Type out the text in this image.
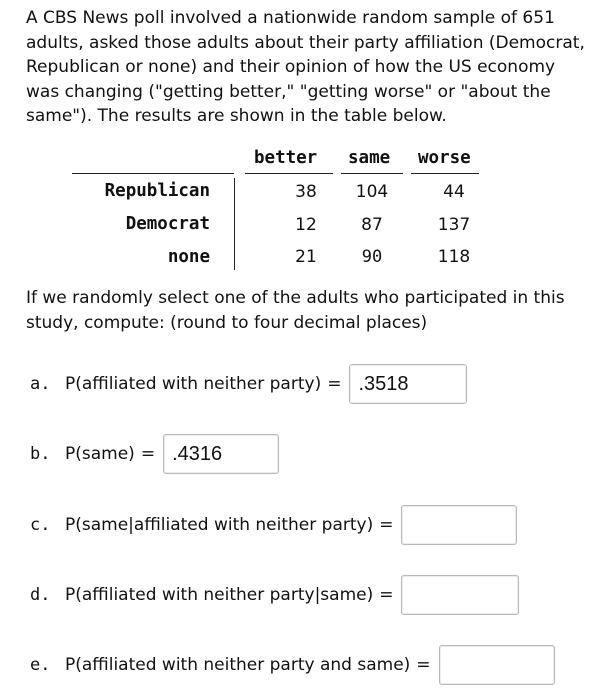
A CBS News poll involved a nationwide random sample of 651 adults, asked those adults about their party affiliation (Democrat, Republican or none) and their opinion of how the US economy was changing ("getting better," "getting worse" or "about the same"). The results are shown in the table below.

better same worse
Republican	38	104	44
Democrat	12	87	137
none	21	90	118

If we randomly select one of the adults who participated in this study, compute: (round to four decimal places)

a. P(affiliated with neither party) = .3518
b. P(same) = .4316
c. P(same|affiliated with neither party) =
d. P(affiliated with neither party|same) =
e. P(affiliated with neither party and same) =
